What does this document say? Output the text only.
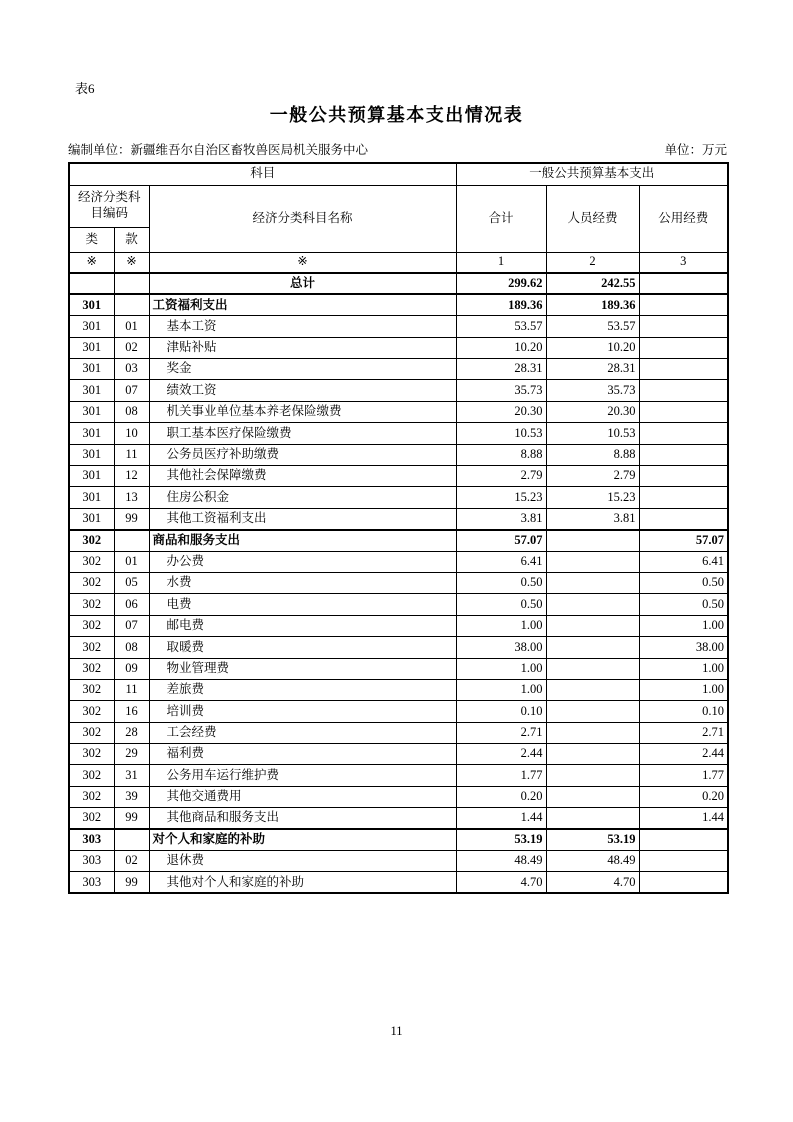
表6
一般公共预算基本支出情况表
编制单位：新疆维吾尔自治区畜牧兽医局机关服务中心	单位：万元
科目			一般公共预算基本支出		

经济分类科
目编码		经济分类科目名称	合计	人员经费	公用经费
类	款				
※	※	※	1	2	3
		总计	299.62	242.55	
301		工资福利支出	189.36	189.36	
301	01	基本工资	53.57	53.57	
301	02	津贴补贴	10.20	10.20	
301	03	奖金	28.31	28.31	
301	07	绩效工资	35.73	35.73	
301	08	机关事业单位基本养老保险缴费	20.30	20.30	
301	10	职工基本医疗保险缴费	10.53	10.53	
301	11	公务员医疗补助缴费	8.88	8.88	
301	12	其他社会保障缴费	2.79	2.79	
301	13	住房公积金	15.23	15.23	
301	99	其他工资福利支出	3.81	3.81	
302		商品和服务支出	57.07		57.07
302	01	办公费	6.41		6.41
302	05	水费	0.50		0.50
302	06	电费	0.50		0.50
302	07	邮电费	1.00		1.00
302	08	取暖费	38.00		38.00
302	09	物业管理费	1.00		1.00
302	11	差旅费	1.00		1.00
302	16	培训费	0.10		0.10
302	28	工会经费	2.71		2.71
302	29	福利费	2.44		2.44
302	31	公务用车运行维护费	1.77		1.77
302	39	其他交通费用	0.20		0.20
302	99	其他商品和服务支出	1.44		1.44
303		对个人和家庭的补助	53.19	53.19	
303	02	退休费	48.49	48.49	
303	99	其他对个人和家庭的补助	4.70	4.70	
11
